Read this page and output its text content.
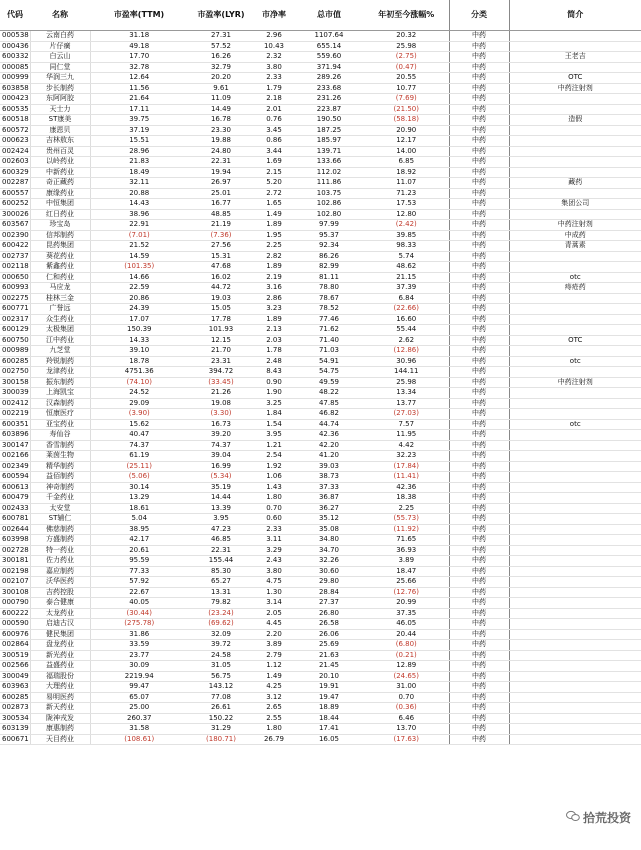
代码	名称	市盈率(TTM)	市盈率(LYR)	市净率	总市值	年初至今涨幅%	分类	简介
000538	云南白药	31.18	27.31	2.96	1107.64	20.32	中药	
000436	片仔癀	49.18	57.52	10.43	655.14	25.98	中药	
600332	白云山	17.70	16.26	2.32	559.60	(2.75)	中药	王老吉
000085	同仁堂	32.78	32.79	3.80	371.94	(0.47)	中药	
000999	华润三九	12.64	20.20	2.33	289.26	20.55	中药	OTC
603858	步长制药	11.56	9.61	1.79	233.68	10.77	中药	中药注射剂
000423	东阿阿胶	21.64	11.09	2.18	231.26	(7.69)	中药	
600535	天士力	17.11	14.49	2.01	223.87	(21.50)	中药	
600518	ST康美	39.75	16.78	0.76	190.50	(58.18)	中药	造假
600572	康恩贝	37.19	23.30	3.45	187.25	20.90	中药	
000623	吉林敖东	15.51	19.88	0.86	185.97	12.17	中药	
002424	贵州百灵	28.96	24.80	3.44	139.71	14.00	中药	
002603	以岭药业	21.83	22.31	1.69	133.66	6.85	中药	
600329	中新药业	18.49	19.94	2.15	112.02	18.92	中药	
002287	奇正藏药	32.11	26.97	5.20	111.86	11.07	中药	藏药
600557	康缘药业	20.88	25.01	2.72	103.75	71.23	中药	
600252	中恒集团	14.43	16.77	1.65	102.86	17.53	中药	集团公司
300026	红日药业	38.96	48.85	1.49	102.80	12.80	中药	
603567	珍宝岛	22.91	21.19	1.89	97.99	(2.42)	中药	中药注射剂
002390	信邦制药	(7.01)	(7.36)	1.95	95.37	39.85	中药	中成药
600422	昆药集团	21.52	27.56	2.25	92.34	98.33	中药	青蒿素
002737	葵花药业	14.59	15.31	2.82	86.26	5.74	中药	
002118	紫鑫药业	(101.35)	47.68	1.89	82.99	48.62	中药	
000650	仁和药业	14.66	16.02	2.19	81.11	21.15	中药	otc
600993	马应龙	22.59	44.72	3.16	78.80	37.39	中药	痔疮药
002275	桂林三金	20.86	19.03	2.86	78.67	6.84	中药	
600771	广誉远	24.39	15.05	3.23	78.52	(22.66)	中药	
002317	众生药业	17.07	17.78	1.89	77.46	16.60	中药	
600129	太极集团	150.39	101.93	2.13	71.62	55.44	中药	
600750	江中药业	14.33	12.15	2.03	71.40	2.62	中药	OTC
000989	九芝堂	39.10	21.70	1.78	71.03	(12.86)	中药	
600285	羚锐制药	18.78	23.31	2.48	54.91	30.96	中药	otc
002750	龙津药业	4751.36	394.72	8.43	54.75	144.11	中药	
300158	振东制药	(74.10)	(33.45)	0.90	49.59	25.98	中药	中药注射剂
300039	上海凯宝	24.52	21.26	1.90	48.22	13.34	中药	
002412	汉森制药	29.09	19.08	3.25	47.85	13.77	中药	
002219	恒康医疗	(3.90)	(3.30)	1.84	46.82	(27.03)	中药	
600351	亚宝药业	15.62	16.73	1.54	44.74	7.57	中药	otc
603896	寿仙谷	40.47	39.20	3.95	42.36	11.95	中药	
300147	香雪制药	74.37	74.37	1.21	42.20	4.42	中药	
002166	莱茵生物	61.19	39.04	2.54	41.20	32.23	中药	
002349	精华制药	(25.11)	16.99	1.92	39.03	(17.84)	中药	
600594	益佰制药	(5.06)	(5.34)	1.06	38.73	(11.41)	中药	
600613	神奇制药	30.14	35.19	1.43	37.33	42.36	中药	
600479	千金药业	13.29	14.44	1.80	36.87	18.38	中药	
002433	太安堂	18.61	13.39	0.70	36.27	2.25	中药	
600781	ST辅仁	5.04	3.95	0.60	35.12	(55.73)	中药	
002644	佛慈制药	38.95	47.23	2.33	35.08	(11.92)	中药	
603998	方盛制药	42.17	46.85	3.11	34.80	71.65	中药	
002728	特一药业	20.61	22.31	3.29	34.70	36.93	中药	
300181	佐力药业	95.59	155.44	2.43	32.26	3.89	中药	
002198	嘉应制药	77.33	85.30	3.80	30.60	18.47	中药	
002107	沃华医药	57.92	65.27	4.75	29.80	25.66	中药	
300108	吉药控股	22.67	13.31	1.30	28.84	(12.76)	中药	
000790	泰合健康	40.05	79.82	3.14	27.37	20.99	中药	
600222	太龙药业	(30.44)	(23.24)	2.05	26.80	37.35	中药	
000590	启迪古汉	(275.78)	(69.62)	4.45	26.58	46.05	中药	
600976	健民集团	31.86	32.09	2.20	26.06	20.44	中药	
002864	盘龙药业	33.59	39.72	3.89	25.69	(6.80)	中药	
300519	新光药业	23.77	24.58	2.79	21.63	(0.21)	中药	
002566	益盛药业	30.09	31.05	1.12	21.45	12.89	中药	
300049	福瑞股份	2219.94	56.75	1.49	20.10	(24.65)	中药	
603963	大理药业	99.47	143.12	4.25	19.91	31.00	中药	
600285	易明医药	65.07	77.08	3.12	19.47	0.70	中药	
002873	新天药业	25.00	26.61	2.65	18.89	(0.36)	中药	
300534	陇神戎发	260.37	150.22	2.55	18.44	6.46	中药	
603139	康惠制药	31.58	31.29	1.80	17.41	13.70	中药	
600671	天目药业	(108.61)	(180.71)	26.79	16.05	(17.63)	中药	
拾荒投资
